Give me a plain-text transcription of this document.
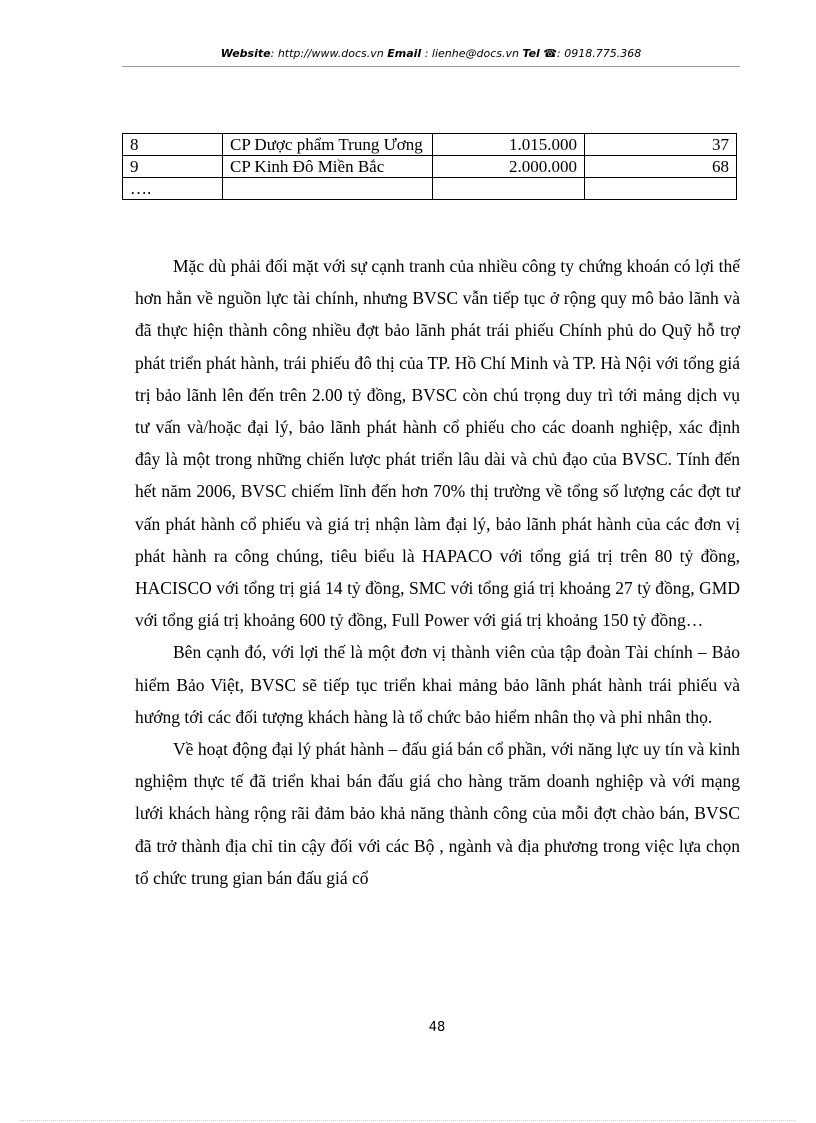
Website: http://www.docs.vn Email : lienhe@docs.vn Tel ☎: 0918.775.368
8	CP Dược phẩm Trung Ương	1.015.000	37
9	CP Kinh Đô Miền Bắc	2.000.000	68
….			

Mặc dù phải đối mặt với sự cạnh tranh của nhiều công ty chứng khoán có lợi thế hơn hẳn về nguồn lực tài chính, nhưng BVSC vẫn tiếp tục ở rộng quy mô bảo lãnh và đã thực hiện thành công nhiều đợt bảo lãnh phát trái phiếu Chính phủ do Quỹ hỗ trợ phát triển phát hành, trái phiếu đô thị của TP. Hồ Chí Minh và TP. Hà Nội với tổng giá trị bảo lãnh lên đến trên 2.00 tỷ đồng, BVSC còn chú trọng duy trì tới mảng dịch vụ tư vấn và/hoặc đại lý, bảo lãnh phát hành cổ phiếu cho các doanh nghiệp, xác định đây là một trong những chiến lược phát triển lâu dài và chủ đạo của BVSC. Tính đến hết năm 2006, BVSC chiếm lĩnh đến hơn 70% thị trường về tổng số lượng các đợt tư vấn phát hành cổ phiếu và giá trị nhận làm đại lý, bảo lãnh phát hành của các đơn vị phát hành ra công chúng, tiêu biểu là HAPACO với tổng giá trị trên 80 tỷ đồng, HACISCO với tổng trị giá 14 tỷ đồng, SMC với tổng giá trị khoảng 27 tỷ đồng, GMD với tổng giá trị khoảng 600 tỷ đồng, Full Power với giá trị khoảng 150 tỷ đồng…

Bên cạnh đó, với lợi thế là một đơn vị thành viên của tập đoàn Tài chính – Bảo hiểm Bảo Việt, BVSC sẽ tiếp tục triển khai mảng bảo lãnh phát hành trái phiếu và hướng tới các đối tượng khách hàng là tổ chức bảo hiểm nhân thọ và phi nhân thọ.

Về hoạt động đại lý phát hành – đấu giá bán cổ phần, với năng lực uy tín và kinh nghiệm thực tế đã triển khai bán đấu giá cho hàng trăm doanh nghiệp và với mạng lưới khách hàng rộng rãi đảm bảo khả năng thành công của mỗi đợt chào bán, BVSC đã trở thành địa chỉ tin cậy đối với các Bộ , ngành và địa phương trong việc lựa chọn tổ chức trung gian bán đấu giá cổ

48
